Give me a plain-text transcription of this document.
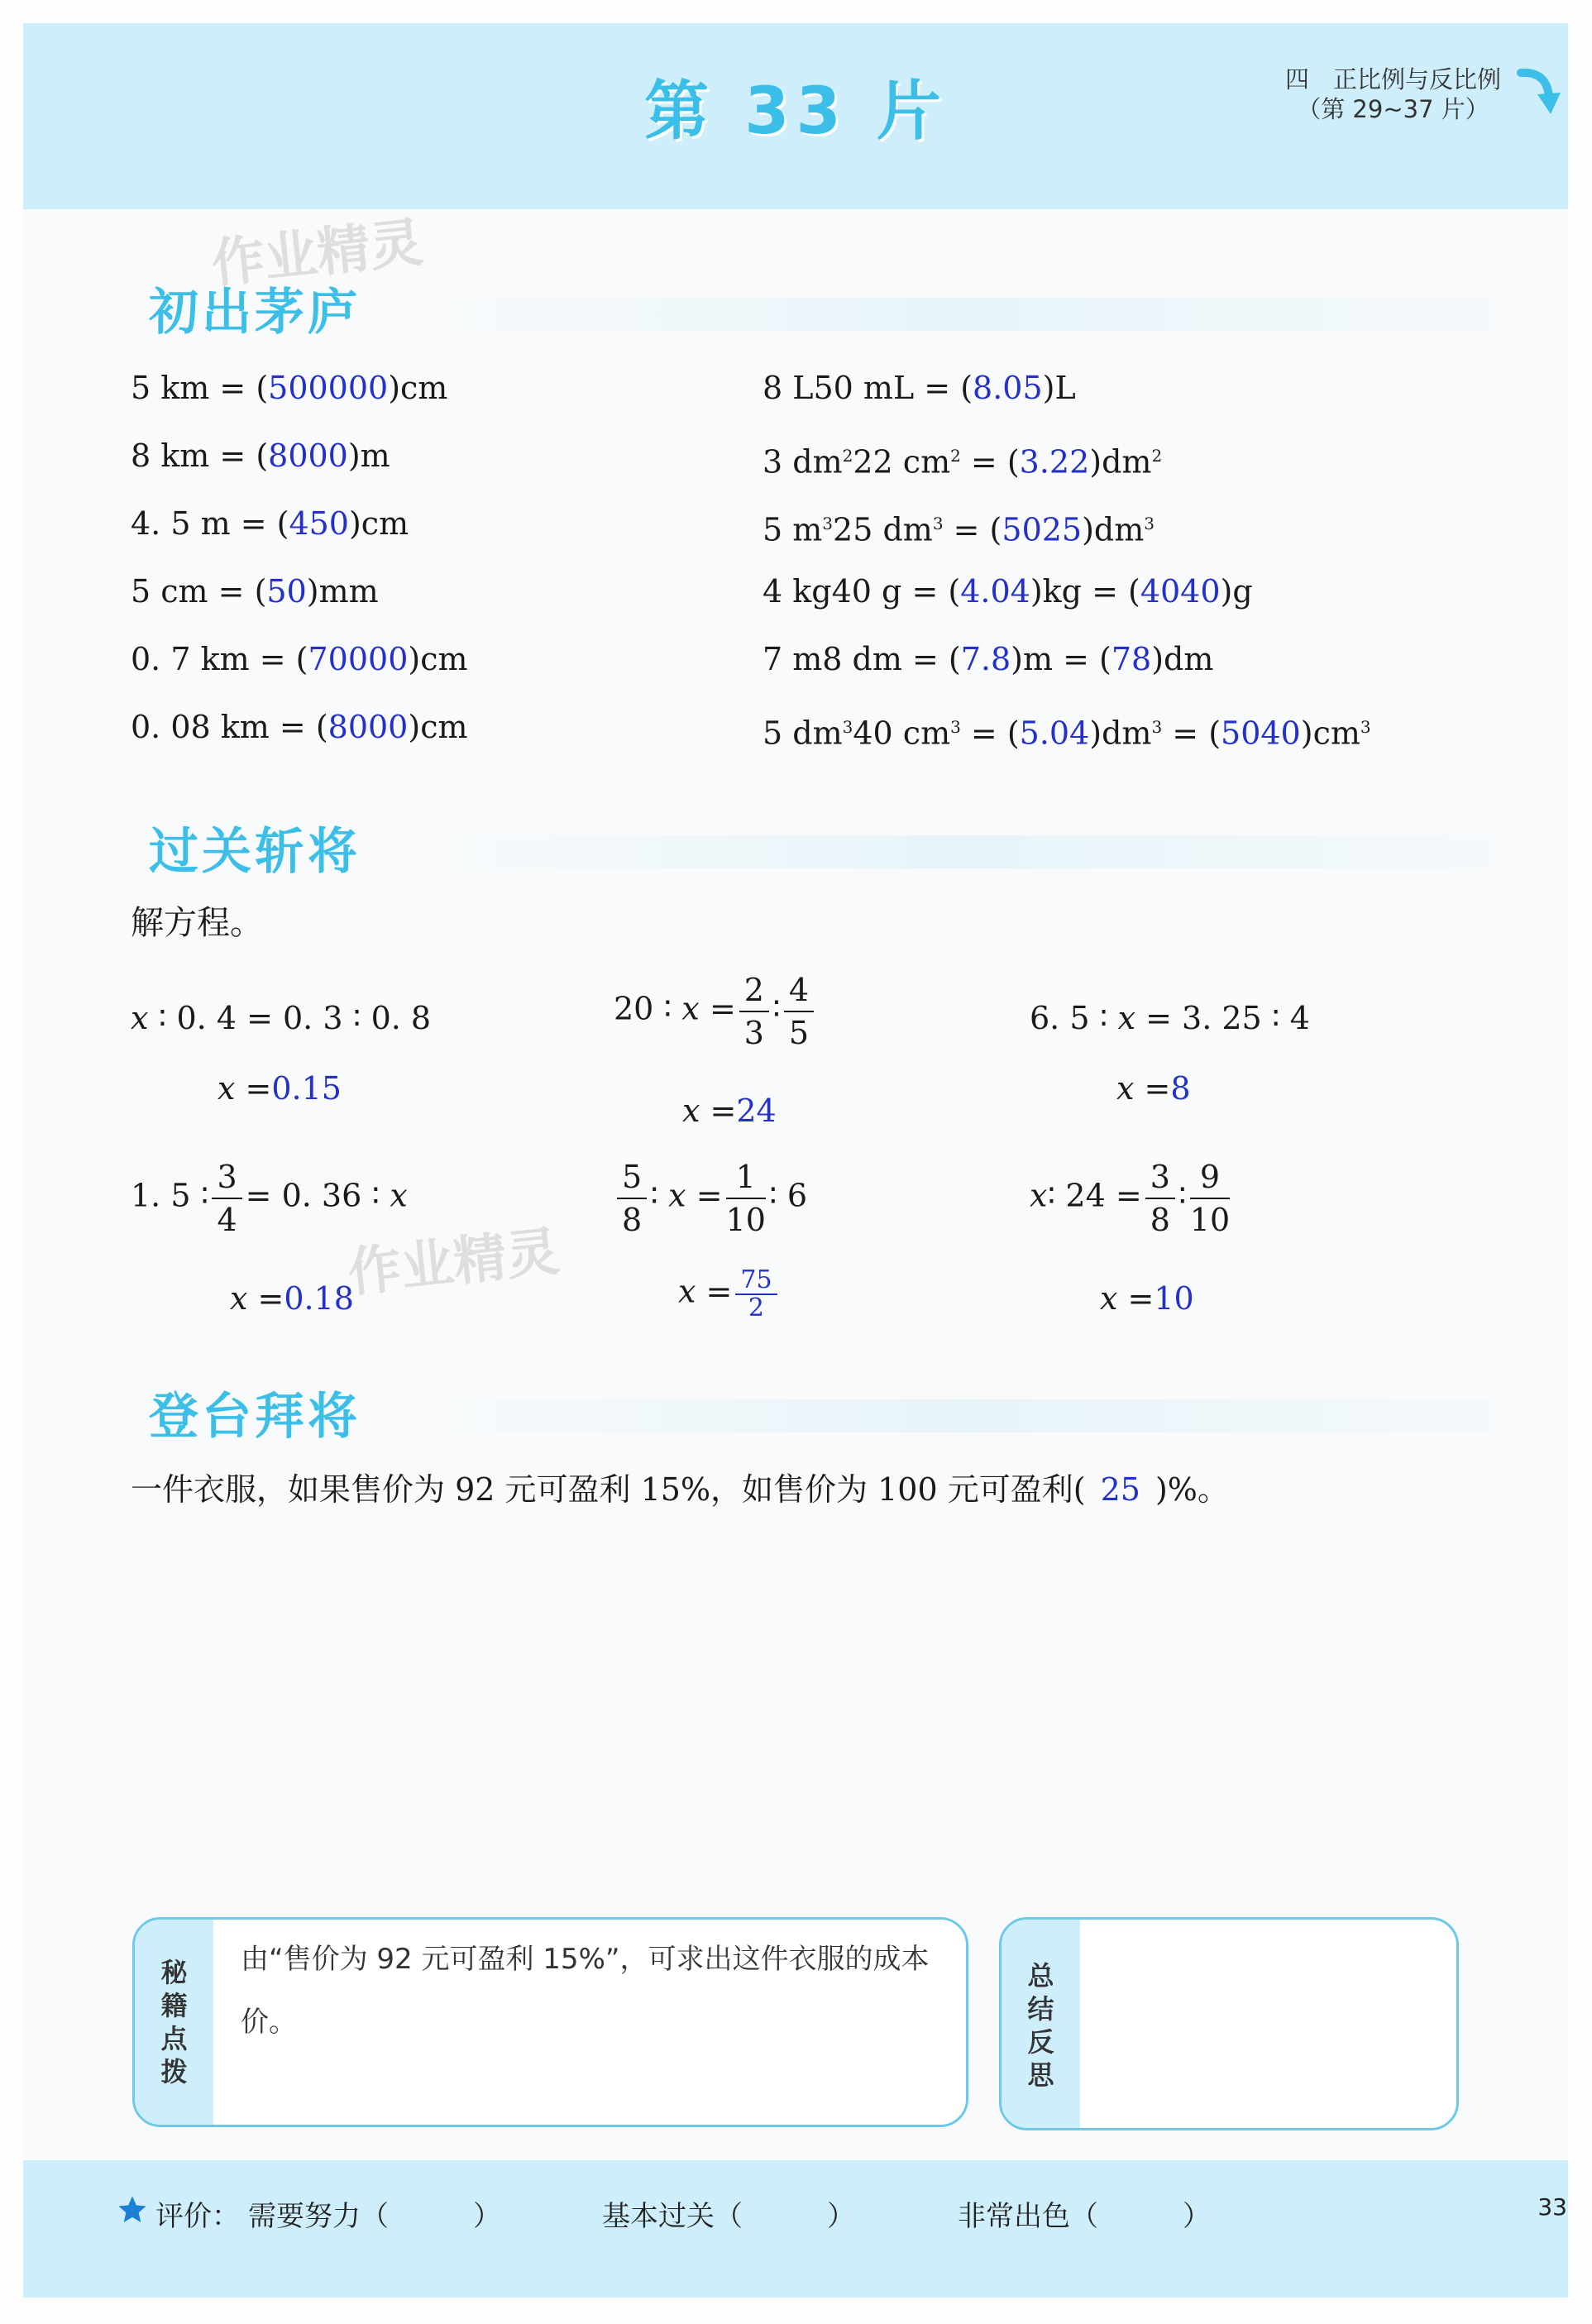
第 33 片	四　正比例与反比例
（第 29~37 片）
作业精灵
作业精灵
初出茅庐
5 km = (500000)cm
8 km = (8000)m
4. 5 m = (450)cm
5 cm = (50)mm
0. 7 km = (70000)cm
0. 08 km = (8000)cm
8 L50 mL = (8.05)L
3 $dm^222$ $cm^2 = (3.22)dm^2$
5 $m^325$ $dm^3 = (5025)dm^3$
4 kg40 g = (4.04)kg = (4040)g
7 m8 dm = (7.8)m = (78)dm
5 $dm^340$ $cm^3 = (5.04)dm^3 = (5040)cm^3$
过关斩将
解方程。
x ∶ 0. 4 = 0. 3 ∶ 0. 8
x =0.15
20 ∶ $x = \frac{2}{3}$ ∶ $\frac{4}{5}$
x =24
6. 5 ∶ x = 3. 25 ∶ 4
x =8
1. 5 ∶ $\frac{3}{4} = 0$. 36 ∶ x
x =0.18
$\frac{5}{8}$ ∶ $x = \frac{1}{10}$ ∶ 6
$x = \frac{75}{2}$
x∶ $24 = \frac{3}{8}$ ∶ $\frac{9}{10}$
x =10
登台拜将
一件衣服，如果售价为 92 元可盈利 15%，如售价为 100 元可盈利( 25 )%。
秘
籍
点
拨
由“售价为 92 元可盈利 15%”，可求出这件衣服的成本价。
总
结
反
思
评价： 需要努力（　　　）	基本过关（　　　）	非常出色（　　　）	33
